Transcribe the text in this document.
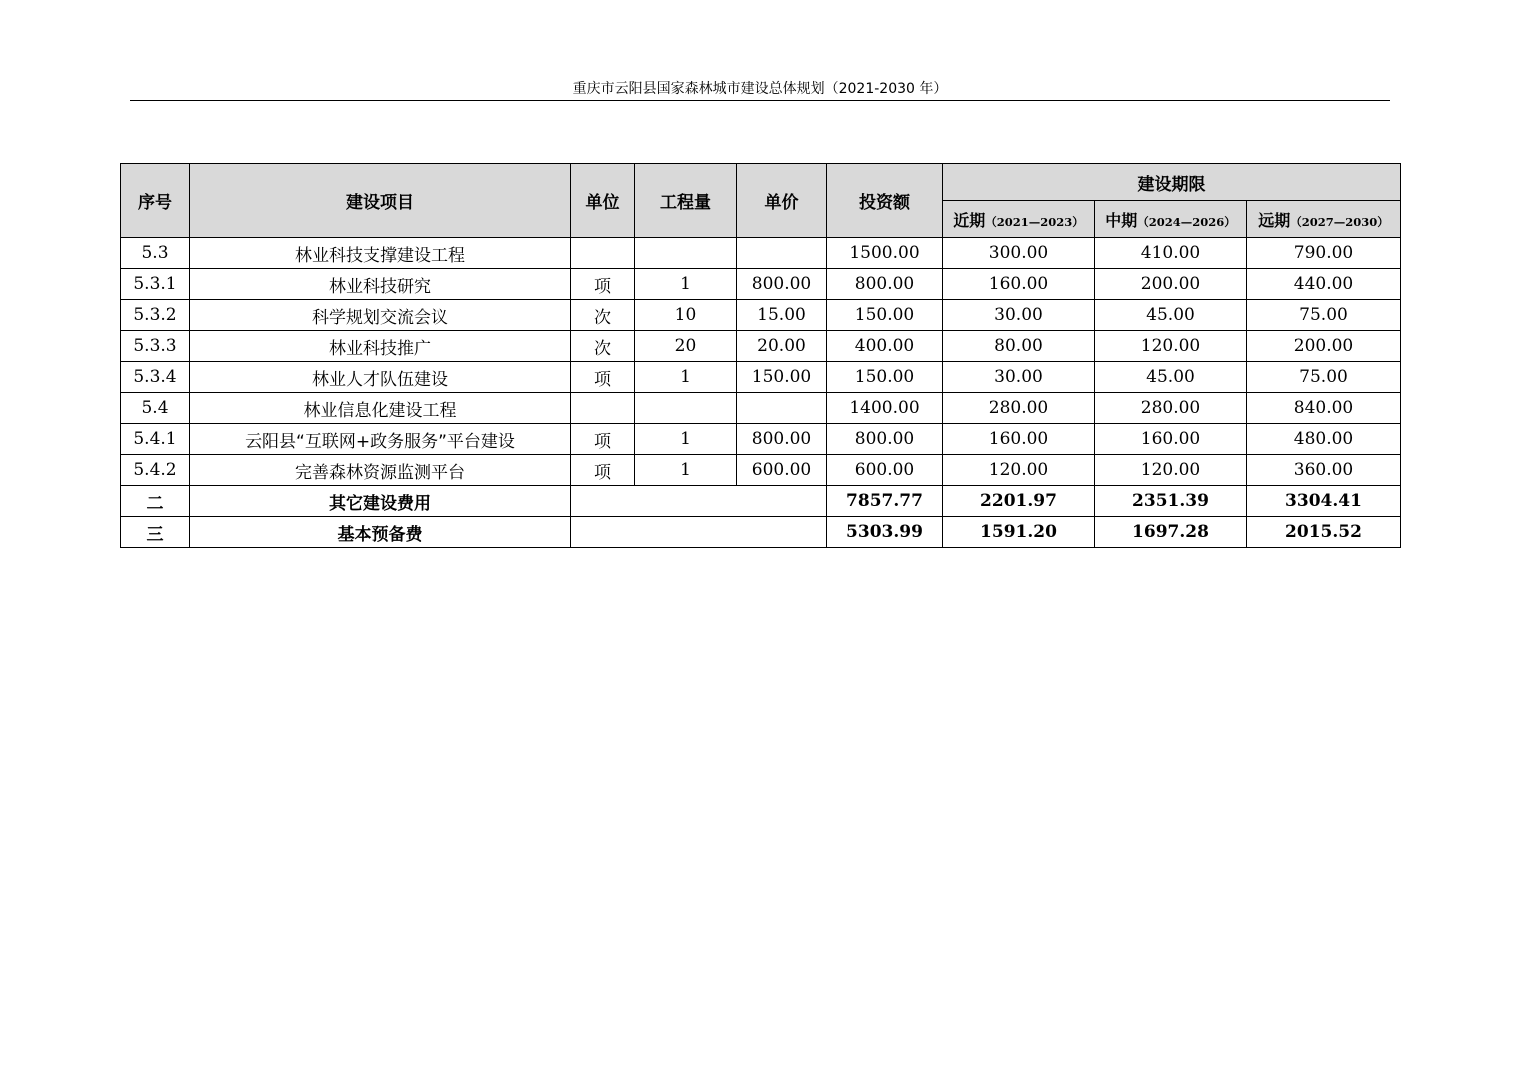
重庆市云阳县国家森林城市建设总体规划（2021-2030 年）
序号	建设项目	单位	工程量	单价	投资额	建设期限		
						近期（2021—2023）	中期（2024—2026）	远期（2027—2030）
5.3	林业科技支撑建设工程				1500.00	300.00	410.00	790.00
5.3.1	林业科技研究	项	1	800.00	800.00	160.00	200.00	440.00
5.3.2	科学规划交流会议	次	10	15.00	150.00	30.00	45.00	75.00
5.3.3	林业科技推广	次	20	20.00	400.00	80.00	120.00	200.00
5.3.4	林业人才队伍建设	项	1	150.00	150.00	30.00	45.00	75.00
5.4	林业信息化建设工程				1400.00	280.00	280.00	840.00
5.4.1	云阳县“互联网+政务服务”平台建设	项	1	800.00	800.00	160.00	160.00	480.00
5.4.2	完善森林资源监测平台	项	1	600.00	600.00	120.00	120.00	360.00
二	其它建设费用				7857.77	2201.97	2351.39	3304.41
三	基本预备费				5303.99	1591.20	1697.28	2015.52
